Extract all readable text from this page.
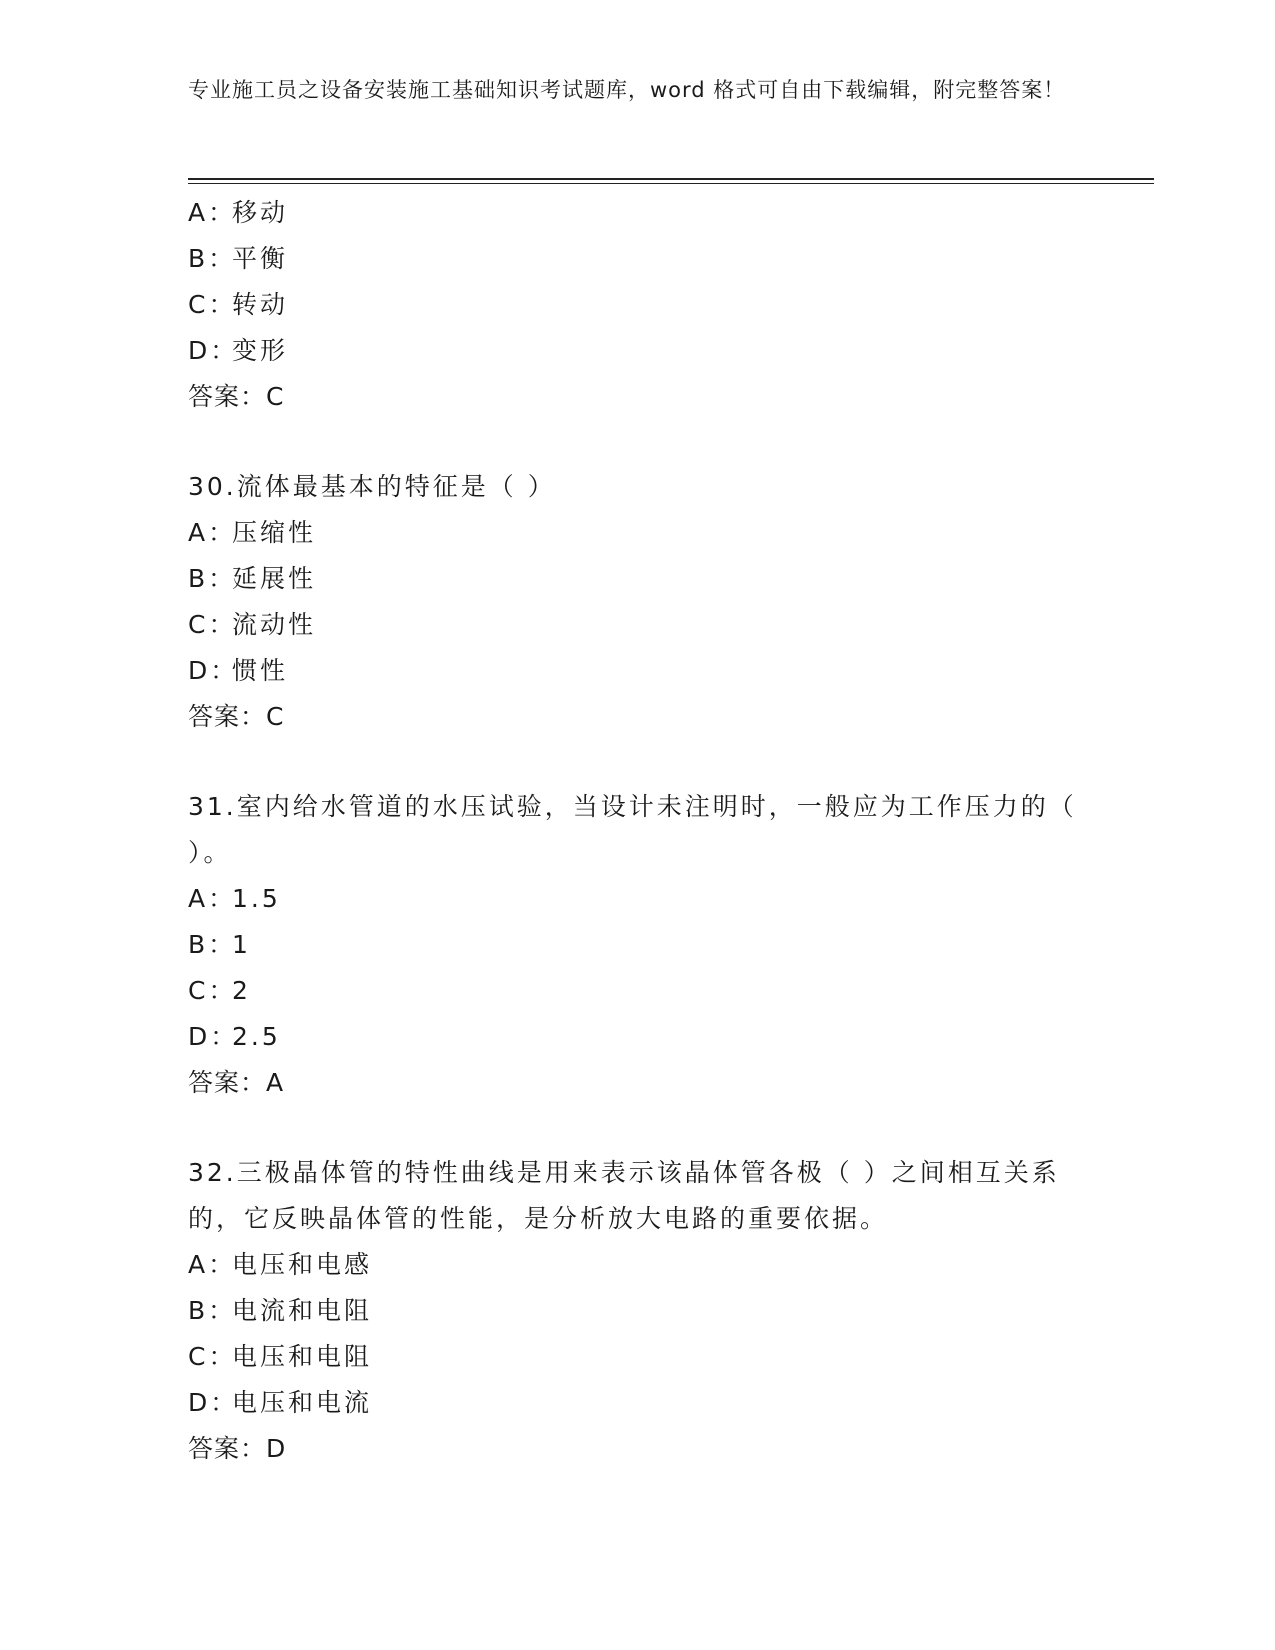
专业施工员之设备安装施工基础知识考试题库，word 格式可自由下载编辑，附完整答案！
A：移动
B：平衡
C：转动
D：变形
答案：C
30.流体最基本的特征是（ ）
A：压缩性
B：延展性
C：流动性
D：惯性
答案：C
31.室内给水管道的水压试验，当设计未注明时，一般应为工作压力的（ ）。
A：1.5
B：1
C：2
D：2.5
答案：A
32.三极晶体管的特性曲线是用来表示该晶体管各极（ ）之间相互关系的，它反映晶体管的性能，是分析放大电路的重要依据。
A：电压和电感
B：电流和电阻
C：电压和电阻
D：电压和电流
答案：D
